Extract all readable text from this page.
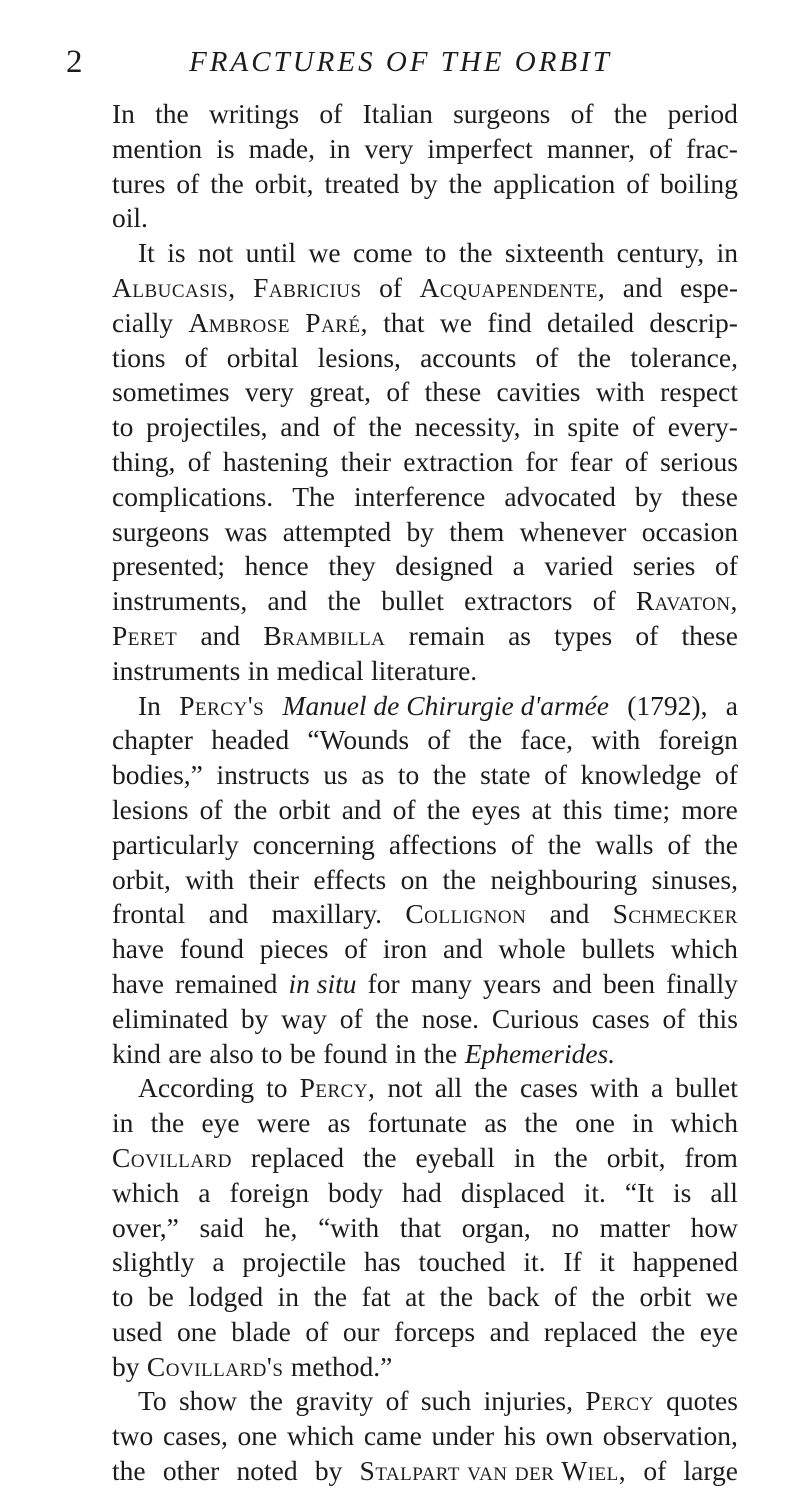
2	FRACTURES OF THE ORBIT
In the writings of Italian surgeons of the period
mention is made, in very imperfect manner, of frac-
tures of the orbit, treated by the application of boiling
oil.
It is not until we come to the sixteenth century, in
Albucasis, Fabricius of Acquapendente, and espe-
cially Ambrose Paré, that we find detailed descrip-
tions of orbital lesions, accounts of the tolerance,
sometimes very great, of these cavities with respect
to projectiles, and of the necessity, in spite of every-
thing, of hastening their extraction for fear of serious
complications. The interference advocated by these
surgeons was attempted by them whenever occasion
presented; hence they designed a varied series of
instruments, and the bullet extractors of Ravaton,
Peret and Brambilla remain as types of these
instruments in medical literature.
In Percy's Manuel de Chirurgie d'armée (1792), a
chapter headed “Wounds of the face, with foreign
bodies,” instructs us as to the state of knowledge of
lesions of the orbit and of the eyes at this time; more
particularly concerning affections of the walls of the
orbit, with their effects on the neighbouring sinuses,
frontal and maxillary. Collignon and Schmecker
have found pieces of iron and whole bullets which
have remained in situ for many years and been finally
eliminated by way of the nose. Curious cases of this
kind are also to be found in the Ephemerides.
According to Percy, not all the cases with a bullet
in the eye were as fortunate as the one in which
Covillard replaced the eyeball in the orbit, from
which a foreign body had displaced it. “It is all
over,” said he, “with that organ, no matter how
slightly a projectile has touched it. If it happened
to be lodged in the fat at the back of the orbit we
used one blade of our forceps and replaced the eye
by Covillard's method.”
To show the gravity of such injuries, Percy quotes
two cases, one which came under his own observation,
the other noted by Stalpart van der Wiel, of large
